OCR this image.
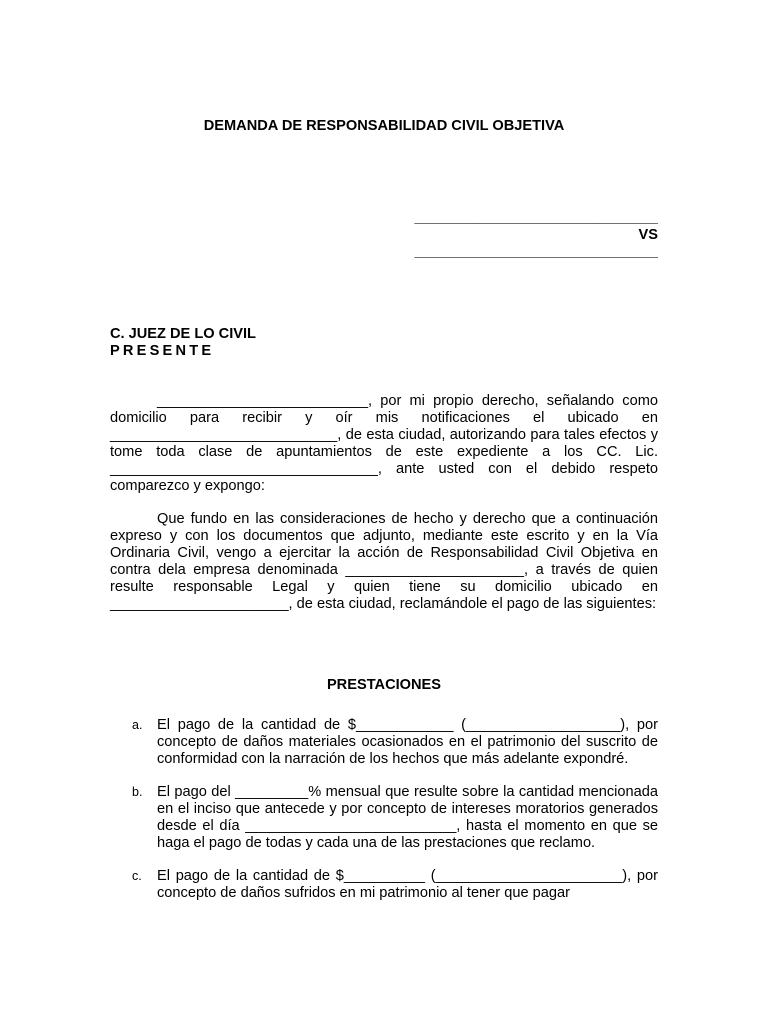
DEMANDA DE RESPONSABILIDAD CIVIL OBJETIVA
______________________________
VS
______________________________
C. JUEZ DE LO CIVIL
PRESENTE

__________________________, por mi propio derecho, señalando como domicilio para recibir y oír mis notificaciones el ubicado en ____________________________, de esta ciudad, autorizando para tales efectos y tome toda clase de apuntamientos de este expediente a los CC. Lic. _________________________________, ante usted con el debido respeto comparezco y expongo:

Que fundo en las consideraciones de hecho y derecho que a continuación expreso y con los documentos que adjunto, mediante este escrito y en la Vía Ordinaria Civil, vengo a ejercitar la acción de Responsabilidad Civil Objetiva en contra dela empresa denominada ______________________, a través de quien resulte responsable Legal y quien tiene su domicilio ubicado en ______________________, de esta ciudad, reclamándole el pago de las siguientes:

PRESTACIONES
a. El pago de la cantidad de $____________ (___________________), por concepto de daños materiales ocasionados en el patrimonio del suscrito de conformidad con la narración de los hechos que más adelante expondré.
b. El pago del _________% mensual que resulte sobre la cantidad mencionada en el inciso que antecede y por concepto de intereses moratorios generados desde el día __________________________, hasta el momento en que se haga el pago de todas y cada una de las prestaciones que reclamo.
c. El pago de la cantidad de $__________ (_______________________), por concepto de daños sufridos en mi patrimonio al tener que pagar
